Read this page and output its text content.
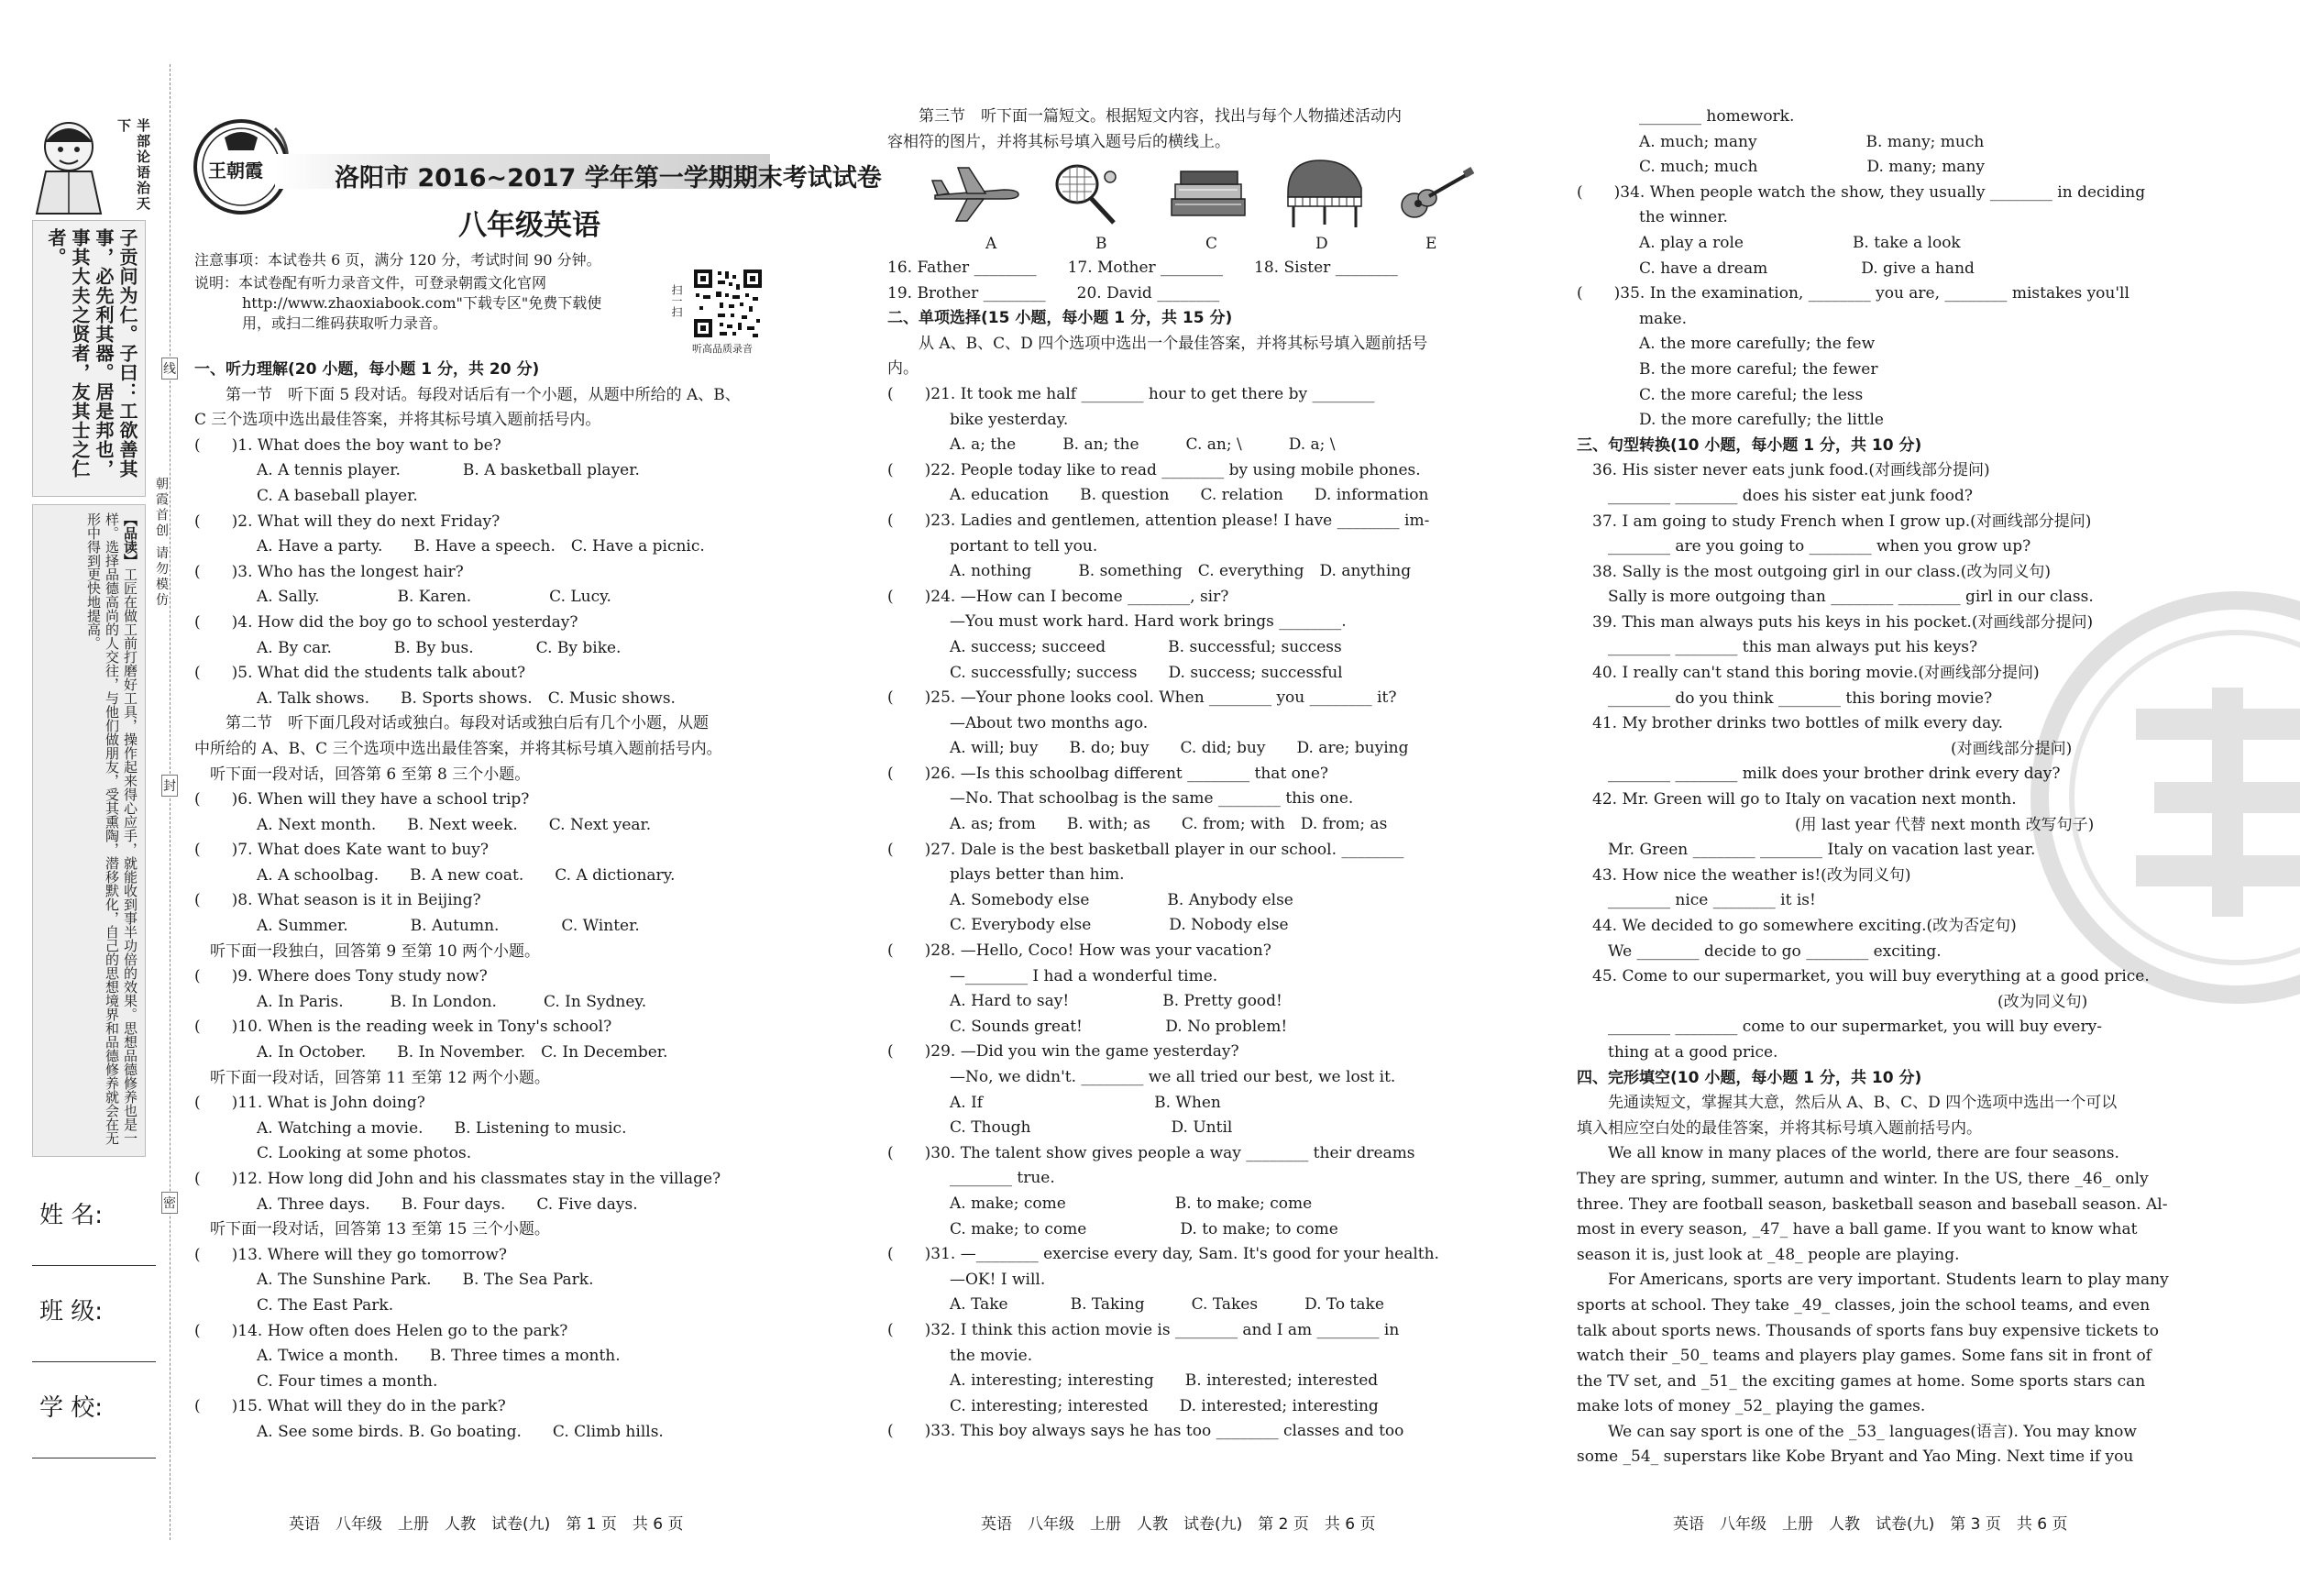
半部论语治天下
子贡问为仁。子曰：工欲善其事，必先利其器。居是邦也，事其大夫之贤者，友其士之仁者。
【品读】工匠在做工前打磨好工具，操作起来得心应手，就能收到事半功倍的效果。思想品德修养也是一样。选择品德高尚的人交往，与他们做朋友，受其熏陶，潜移默化，自己的思想境界和品德修养就会在无形中得到更快地提高。
姓 名:
班 级:
学 校:
线
朝霞首创 请勿模仿
封
密
王朝霞	洛阳市 2016~2017 学年第一学期期末考试试卷
八年级英语
注意事项：本试卷共 6 页，满分 120 分，考试时间 90 分钟。
说明：本试卷配有听力录音文件，可登录朝霞文化官网
http://www.zhaoxiabook.com"下载专区"免费下载使
用，或扫二维码获取听力录音。
扫一扫
听高品质录音
一、听力理解(20 小题，每小题 1 分，共 20 分)
　　第一节　听下面 5 段对话。每段对话后有一个小题，从题中所给的 A、B、
C 三个选项中选出最佳答案，并将其标号填入题前括号内。
(　　)1. What does the boy want to be?
　　　　A. A tennis player.　　　　B. A basketball player.
　　　　C. A baseball player.
(　　)2. What will they do next Friday?
　　　　A. Have a party.　　B. Have a speech.　C. Have a picnic.
(　　)3. Who has the longest hair?
　　　　A. Sally.　　　　　B. Karen.　　　　　C. Lucy.
(　　)4. How did the boy go to school yesterday?
　　　　A. By car.　　　　B. By bus.　　　　C. By bike.
(　　)5. What did the students talk about?
　　　　A. Talk shows.　　B. Sports shows.　C. Music shows.
　　第二节　听下面几段对话或独白。每段对话或独白后有几个小题，从题
中所给的 A、B、C 三个选项中选出最佳答案，并将其标号填入题前括号内。
　听下面一段对话，回答第 6 至第 8 三个小题。
(　　)6. When will they have a school trip?
　　　　A. Next month.　　B. Next week.　　C. Next year.
(　　)7. What does Kate want to buy?
　　　　A. A schoolbag.　　B. A new coat.　　C. A dictionary.
(　　)8. What season is it in Beijing?
　　　　A. Summer.　　　　B. Autumn.　　　　C. Winter.
　听下面一段独白，回答第 9 至第 10 两个小题。
(　　)9. Where does Tony study now?
　　　　A. In Paris.　　　B. In London.　　　C. In Sydney.
(　　)10. When is the reading week in Tony's school?
　　　　A. In October.　　B. In November.　C. In December.
　听下面一段对话，回答第 11 至第 12 两个小题。
(　　)11. What is John doing?
　　　　A. Watching a movie.　　B. Listening to music.
　　　　C. Looking at some photos.
(　　)12. How long did John and his classmates stay in the village?
　　　　A. Three days.　　B. Four days.　　C. Five days.
　听下面一段对话，回答第 13 至第 15 三个小题。
(　　)13. Where will they go tomorrow?
　　　　A. The Sunshine Park.　　B. The Sea Park.
　　　　C. The East Park.
(　　)14. How often does Helen go to the park?
　　　　A. Twice a month.　　B. Three times a month.
　　　　C. Four times a month.
(　　)15. What will they do in the park?
　　　　A. See some birds. B. Go boating.　　C. Climb hills.
英语　八年级　上册　人教　试卷(九)　第 1 页　共 6 页
　　第三节　听下面一篇短文。根据短文内容，找出与每个人物描述活动内
容相符的图片，并将其标号填入题号后的横线上。
A	B	C	D	E
16. Father ________　　17. Mother ________　　18. Sister ________
19. Brother ________　　20. David ________
二、单项选择(15 小题，每小题 1 分，共 15 分)
　　从 A、B、C、D 四个选项中选出一个最佳答案，并将其标号填入题前括号
内。
(　　)21. It took me half ________ hour to get there by ________
　　　　bike yesterday.
　　　　A. a; the　　　B. an; the　　　C. an; \　　　D. a; \
(　　)22. People today like to read ________ by using mobile phones.
　　　　A. education　　B. question　　C. relation　　D. information
(　　)23. Ladies and gentlemen, attention please! I have ________ im-
　　　　portant to tell you.
　　　　A. nothing　　　B. something　C. everything　D. anything
(　　)24. —How can I become ________, sir?
　　　　—You must work hard. Hard work brings ________.
　　　　A. success; succeed　　　　B. successful; success
　　　　C. successfully; success　　D. success; successful
(　　)25. —Your phone looks cool. When ________ you ________ it?
　　　　—About two months ago.
　　　　A. will; buy　　B. do; buy　　C. did; buy　　D. are; buying
(　　)26. —Is this schoolbag different ________ that one?
　　　　—No. That schoolbag is the same ________ this one.
　　　　A. as; from　　B. with; as　　C. from; with　D. from; as
(　　)27. Dale is the best basketball player in our school. ________
　　　　plays better than him.
　　　　A. Somebody else　　　　　B. Anybody else
　　　　C. Everybody else　　　　　D. Nobody else
(　　)28. —Hello, Coco! How was your vacation?
　　　　—________ I had a wonderful time.
　　　　A. Hard to say!　　　　　　B. Pretty good!
　　　　C. Sounds great!　　　　　 D. No problem!
(　　)29. —Did you win the game yesterday?
　　　　—No, we didn't. ________ we all tried our best, we lost it.
　　　　A. If　　　　　　　　　　　B. When
　　　　C. Though　　　　　　　　　D. Until
(　　)30. The talent show gives people a way ________ their dreams
　　　　________ true.
　　　　A. make; come　　　　　　　B. to make; come
　　　　C. make; to come　　　　　　D. to make; to come
(　　)31. —________ exercise every day, Sam. It's good for your health.
　　　　—OK! I will.
　　　　A. Take　　　　B. Taking　　　C. Takes　　　D. To take
(　　)32. I think this action movie is ________ and I am ________ in
　　　　the movie.
　　　　A. interesting; interesting　　B. interested; interested
　　　　C. interesting; interested　　D. interested; interesting
(　　)33. This boy always says he has too ________ classes and too
英语　八年级　上册　人教　试卷(九)　第 2 页　共 6 页
　　　　________ homework.
　　　　A. much; many　　　　　　　B. many; much
　　　　C. much; much　　　　　　　D. many; many
(　　)34. When people watch the show, they usually ________ in deciding
　　　　the winner.
　　　　A. play a role　　　　　　　B. take a look
　　　　C. have a dream　　　　　　D. give a hand
(　　)35. In the examination, ________ you are, ________ mistakes you'll
　　　　make.
　　　　A. the more carefully; the few
　　　　B. the more careful; the fewer
　　　　C. the more careful; the less
　　　　D. the more carefully; the little
三、句型转换(10 小题，每小题 1 分，共 10 分)
　36. His sister never eats junk food.(对画线部分提问)
　　________ ________ does his sister eat junk food?
　37. I am going to study French when I grow up.(对画线部分提问)
　　________ are you going to ________ when you grow up?
　38. Sally is the most outgoing girl in our class.(改为同义句)
　　Sally is more outgoing than ________ ________ girl in our class.
　39. This man always puts his keys in his pocket.(对画线部分提问)
　　________ ________ this man always put his keys?
　40. I really can't stand this boring movie.(对画线部分提问)
　　________ do you think ________ this boring movie?
　41. My brother drinks two bottles of milk every day.
　　　　　　　　　　　　　　　　　　　　　　　　(对画线部分提问)
　　________ ________ milk does your brother drink every day?
　42. Mr. Green will go to Italy on vacation next month.
　　　　　　　　　　　　　　(用 last year 代替 next month 改写句子)
　　Mr. Green ________ ________ Italy on vacation last year.
　43. How nice the weather is!(改为同义句)
　　________ nice ________ it is!
　44. We decided to go somewhere exciting.(改为否定句)
　　We ________ decide to go ________ exciting.
　45. Come to our supermarket, you will buy everything at a good price.
　　　　　　　　　　　　　　　　　　　　　　　　　　　(改为同义句)
　　________ ________ come to our supermarket, you will buy every-
　　thing at a good price.
四、完形填空(10 小题，每小题 1 分，共 10 分)
　　先通读短文，掌握其大意，然后从 A、B、C、D 四个选项中选出一个可以
填入相应空白处的最佳答案，并将其标号填入题前括号内。
　　We all know in many places of the world, there are four seasons.
They are spring, summer, autumn and winter. In the US, there _46_ only
three. They are football season, basketball season and baseball season. Al-
most in every season, _47_ have a ball game. If you want to know what
season it is, just look at _48_ people are playing.
　　For Americans, sports are very important. Students learn to play many
sports at school. They take _49_ classes, join the school teams, and even
talk about sports news. Thousands of sports fans buy expensive tickets to
watch their _50_ teams and players play games. Some fans sit in front of
the TV set, and _51_ the exciting games at home. Some sports stars can
make lots of money _52_ playing the games.
　　We can say sport is one of the _53_ languages(语言). You may know
some _54_ superstars like Kobe Bryant and Yao Ming. Next time if you
英语　八年级　上册　人教　试卷(九)　第 3 页　共 6 页
